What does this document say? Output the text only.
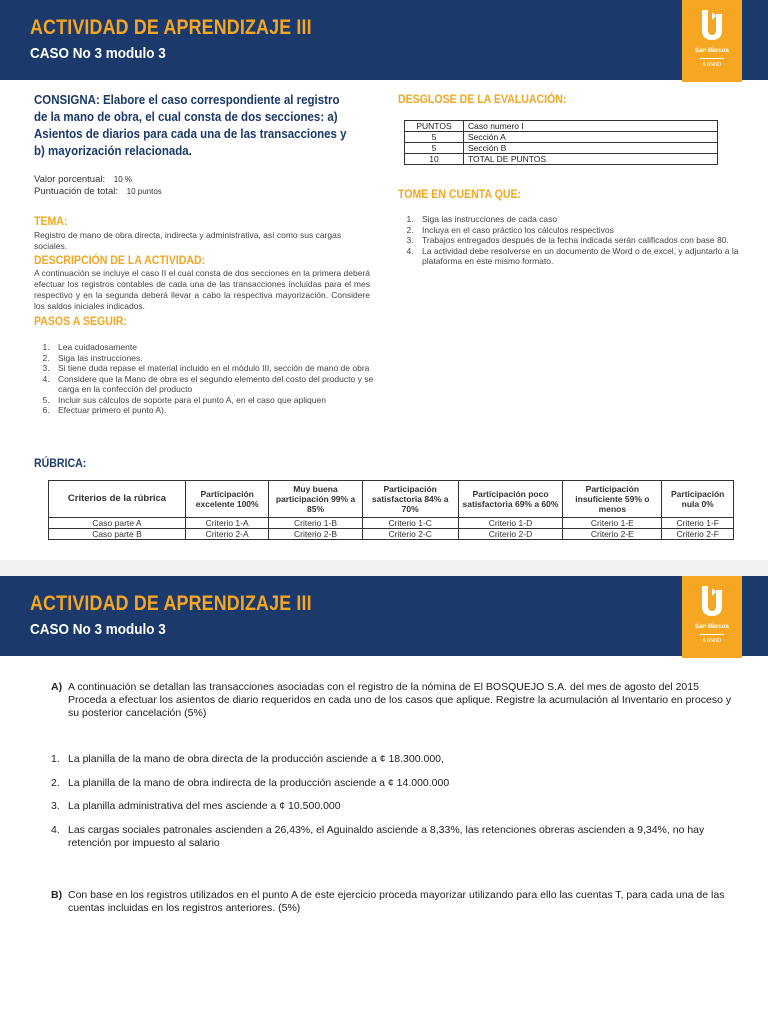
ACTIVIDAD DE APRENDIZAJE III
CASO No 3 modulo 3	San Marcos
ILUNNO
CONSIGNA: Elabore el caso correspondiente al registro de la mano de obra, el cual consta de dos secciones: a) Asientos de diarios para cada una de las transacciones y b) mayorización relacionada.
Valor porcentual: 10 %
Puntuación de total: 10 puntos
TEMA:
Registro de mano de obra directa, indirecta y administrativa, así como sus cargas sociales.
DESCRIPCIÓN DE LA ACTIVIDAD:
A continuación se incluye el caso II el cual consta de dos secciones en la primera deberá efectuar los registros contables de cada una de las transacciones incluidas para el mes respectivo y en la segunda deberá llevar a cabo la respectiva mayorización. Considere los saldos iniciales indicados.
PASOS A SEGUIR:
1. Lea cuidadosamente
2. Siga las instrucciones.
3. Si tiene duda repase el material incluido en el módulo III, sección de mano de obra
4. Considere que la Mano de obra es el segundo elemento del costo del producto y se carga en la confección del producto
5. Incluir sus cálculos de soporte para el punto A, en el caso que apliquen
6. Efectuar primero el punto A).
DESGLOSE DE LA EVALUACIÓN:
PUNTOS	Caso numero I
5	Sección A
5	Sección B
10	TOTAL DE PUNTOS
TOME EN CUENTA QUE:
1. Siga las instrucciones de cada caso
2. Incluya en el caso práctico los cálculos respectivos
3. Trabajos entregados después de la fecha indicada serán calificados con base 80.
4. La actividad debe resolverse en un documento de Word o de excel, y adjuntarlo a la plataforma en este mismo formato.
RÚBRICA:
Criterios de la rúbrica	Participación excelente 100%	Muy buena participación 99% a 85%	Participación satisfactoria 84% a 70%	Participación poco satisfactoria 69% a 60%	Participación insuficiente 59% o menos	Participación nula 0%
Caso parte A	Criterio 1-A	Criterio 1-B	Criterio 1-C	Criterio 1-D	Criterio 1-E	Criterio 1-F
Caso parte B	Criterio 2-A	Criterio 2-B	Criterio 2-C	Criterio 2-D	Criterio 2-E	Criterio 2-F
ACTIVIDAD DE APRENDIZAJE III
CASO No 3 modulo 3	San Marcos
ILUNNO
A) A continuación se detallan las transacciones asociadas con el registro de la nómina de El BOSQUEJO S.A. del mes de agosto del 2015 Proceda a efectuar los asientos de diario requeridos en cada uno de los casos que aplique. Registre la acumulación al Inventario en proceso y su posterior cancelación (5%)
1. La planilla de la mano de obra directa de la producción asciende a ¢ 18.300.000,
2. La planilla de la mano de obra indirecta de la producción asciende a ¢ 14.000.000
3. La planilla administrativa del mes asciende a ¢ 10.500.000
4. Las cargas sociales patronales ascienden a 26,43%, el Aguinaldo asciende a 8,33%, las retenciones obreras ascienden a 9,34%, no hay retención por impuesto al salario
B) Con base en los registros utilizados en el punto A de este ejercicio proceda mayorizar utilizando para ello las cuentas T, para cada una de las cuentas incluidas en los registros anteriores. (5%)
